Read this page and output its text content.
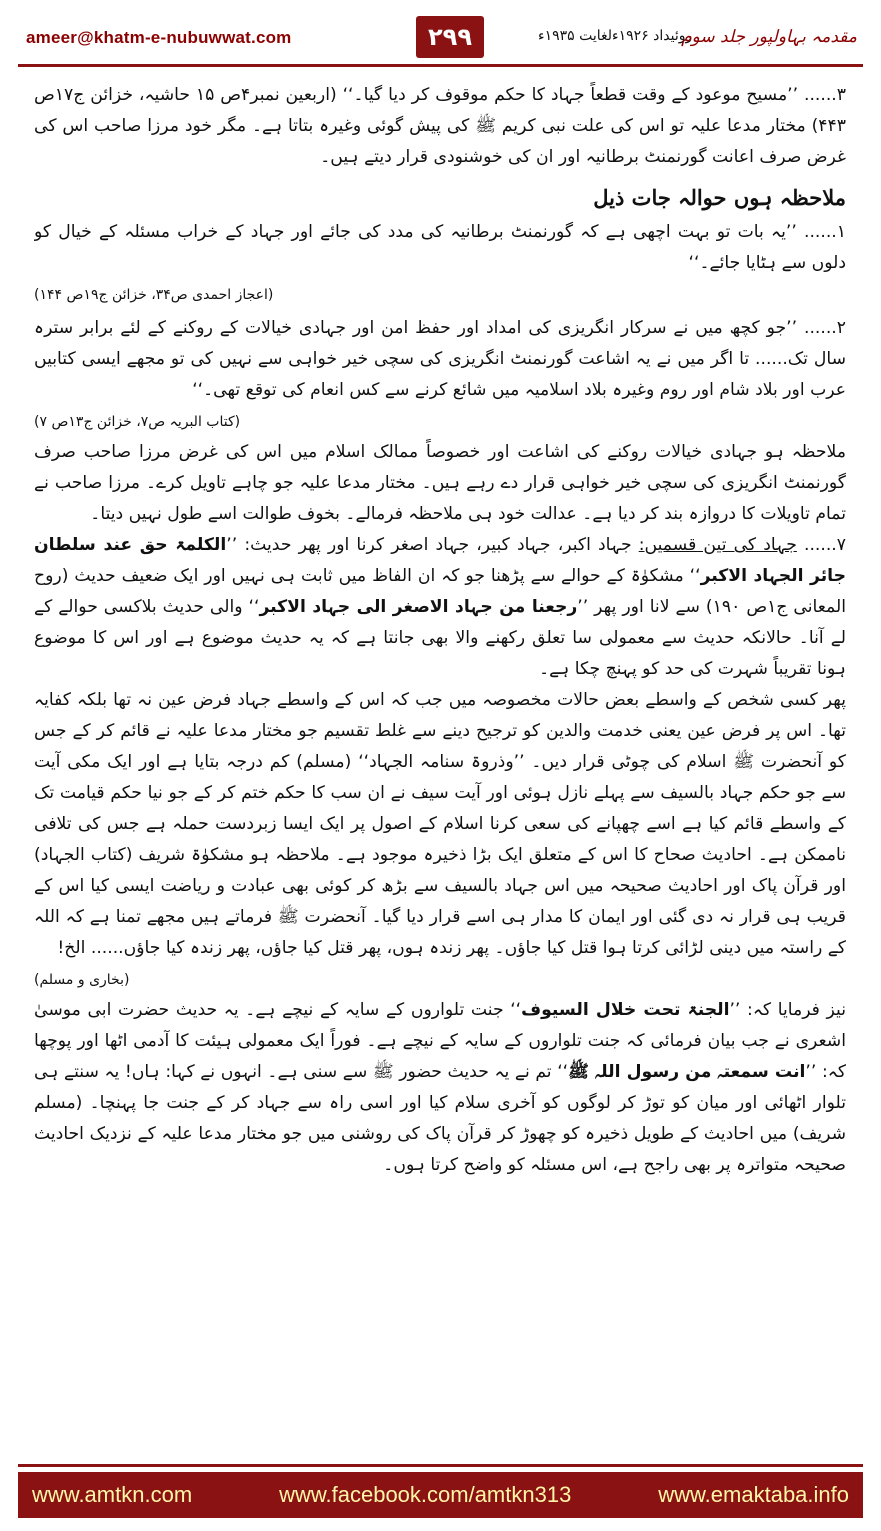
ameer@khatm-e-nubuwwat.com	۲۹۹	روئیداد ۱۹۲۶ءلغایت ۱۹۳۵ء
مقدمہ بہاولپور جلد سوم

۳...... ’’مسیح موعود کے وقت قطعاً جہاد کا حکم موقوف کر دیا گیا۔‘‘ (اربعین نمبر۴ص ۱۵ حاشیہ، خزائن ج۱۷ص ۴۴۳) مختار مدعا علیہ تو اس کی علت نبی کریم ﷺ کی پیش گوئی وغیرہ بتاتا ہے۔ مگر خود مرزا صاحب اس کی غرض صرف اعانت گورنمنٹ برطانیہ اور ان کی خوشنودی قرار دیتے ہیں۔

ملاحظہ ہوں حوالہ جات ذیل

۱...... ’’یہ بات تو بہت اچھی ہے کہ گورنمنٹ برطانیہ کی مدد کی جائے اور جہاد کے خراب مسئلہ کے خیال کو دلوں سے ہٹایا جائے۔‘‘

(اعجاز احمدی ص۳۴، خزائن ج۱۹ص ۱۴۴)

۲...... ’’جو کچھ میں نے سرکار انگریزی کی امداد اور حفظ امن اور جہادی خیالات کے روکنے کے لئے برابر سترہ سال تک...... تا اگر میں نے یہ اشاعت گورنمنٹ انگریزی کی سچی خیر خواہی سے نہیں کی تو مجھے ایسی کتابیں عرب اور بلاد شام اور روم وغیرہ بلاد اسلامیہ میں شائع کرنے سے کس انعام کی توقع تھی۔‘‘

(کتاب البریہ ص۷، خزائن ج۱۳ص ۷)

ملاحظہ ہو جہادی خیالات روکنے کی اشاعت اور خصوصاً ممالک اسلام میں اس کی غرض مرزا صاحب صرف گورنمنٹ انگریزی کی سچی خیر خواہی قرار دے رہے ہیں۔ مختار مدعا علیہ جو چاہے تاویل کرے۔ مرزا صاحب نے تمام تاویلات کا دروازہ بند کر دیا ہے۔ عدالت خود ہی ملاحظہ فرمالے۔ بخوف طوالت اسے طول نہیں دیتا۔

۷...... جہاد کی تین قسمیں: جہاد اکبر، جہاد کبیر، جہاد اصغر کرنا اور پھر حدیث: ’’الکلمۃ حق عند سلطان جائر الجہاد الاکبر‘‘ مشکوٰۃ کے حوالے سے پڑھنا جو کہ ان الفاظ میں ثابت ہی نہیں اور ایک ضعیف حدیث (روح المعانی ج۱ص ۱۹۰) سے لانا اور پھر ’’رجعنا من جہاد الاصغر الی جہاد الاکبر‘‘ والی حدیث بلاکسی حوالے کے لے آنا۔ حالانکہ حدیث سے معمولی سا تعلق رکھنے والا بھی جانتا ہے کہ یہ حدیث موضوع ہے اور اس کا موضوع ہونا تقریباً شہرت کی حد کو پہنچ چکا ہے۔

پھر کسی شخص کے واسطے بعض حالات مخصوصہ میں جب کہ اس کے واسطے جہاد فرض عین نہ تھا بلکہ کفایہ تھا۔ اس پر فرض عین یعنی خدمت والدین کو ترجیح دینے سے غلط تقسیم جو مختار مدعا علیہ نے قائم کر کے جس کو آنحضرت ﷺ اسلام کی چوٹی قرار دیں۔ ’’وذروۃ سنامہ الجہاد‘‘ (مسلم) کم درجہ بتایا ہے اور ایک مکی آیت سے جو حکم جہاد بالسیف سے پہلے نازل ہوئی اور آیت سیف نے ان سب کا حکم ختم کر کے جو نیا حکم قیامت تک کے واسطے قائم کیا ہے اسے چھپانے کی سعی کرنا اسلام کے اصول پر ایک ایسا زبردست حملہ ہے جس کی تلافی ناممکن ہے۔ احادیث صحاح کا اس کے متعلق ایک بڑا ذخیرہ موجود ہے۔ ملاحظہ ہو مشکوٰۃ شریف (کتاب الجہاد) اور قرآن پاک اور احادیث صحیحہ میں اس جہاد بالسیف سے بڑھ کر کوئی بھی عبادت و ریاضت ایسی کیا اس کے قریب ہی قرار نہ دی گئی اور ایمان کا مدار ہی اسے قرار دیا گیا۔ آنحضرت ﷺ فرماتے ہیں مجھے تمنا ہے کہ اللہ کے راستہ میں دینی لڑائی کرتا ہوا قتل کیا جاؤں۔ پھر زندہ ہوں، پھر قتل کیا جاؤں، پھر زندہ کیا جاؤں...... الخ!

(بخاری و مسلم)

نیز فرمایا کہ: ’’الجنۃ تحت خلال السیوف‘‘ جنت تلواروں کے سایہ کے نیچے ہے۔ یہ حدیث حضرت ابی موسیٰ اشعری نے جب بیان فرمائی کہ جنت تلواروں کے سایہ کے نیچے ہے۔ فوراً ایک معمولی ہیئت کا آدمی اٹھا اور پوچھا کہ: ’’انت سمعتہ من رسول اللہ ﷺ‘‘ تم نے یہ حدیث حضور ﷺ سے سنی ہے۔ انہوں نے کہا: ہاں! یہ سنتے ہی تلوار اٹھائی اور میان کو توڑ کر لوگوں کو آخری سلام کیا اور اسی راہ سے جہاد کر کے جنت جا پہنچا۔ (مسلم شریف) میں احادیث کے طویل ذخیرہ کو چھوڑ کر قرآن پاک کی روشنی میں جو مختار مدعا علیہ کے نزدیک احادیث صحیحہ متواترہ پر بھی راجح ہے، اس مسئلہ کو واضح کرتا ہوں۔

www.amtkn.com	www.facebook.com/amtkn313	www.emaktaba.info
